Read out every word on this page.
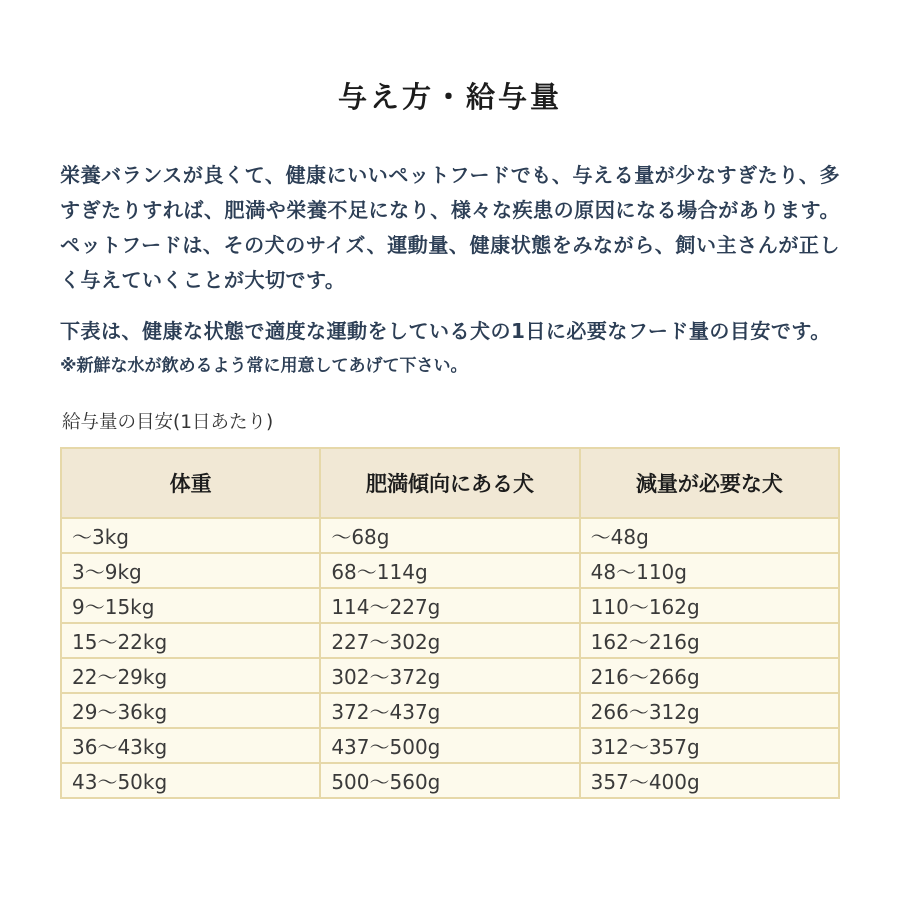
与え方・給与量

栄養バランスが良くて、健康にいいペットフードでも、与える量が少なすぎたり、多すぎたりすれば、肥満や栄養不足になり、様々な疾患の原因になる場合があります。ペットフードは、その犬のサイズ、運動量、健康状態をみながら、飼い主さんが正しく与えていくことが大切です。

下表は、健康な状態で適度な運動をしている犬の1日に必要なフード量の目安です。

※新鮮な水が飲めるよう常に用意してあげて下さい。

給与量の目安(1日あたり)

体重	肥満傾向にある犬	減量が必要な犬
〜3kg	〜68g	〜48g
3〜9kg	68〜114g	48〜110g
9〜15kg	114〜227g	110〜162g
15〜22kg	227〜302g	162〜216g
22〜29kg	302〜372g	216〜266g
29〜36kg	372〜437g	266〜312g
36〜43kg	437〜500g	312〜357g
43〜50kg	500〜560g	357〜400g
